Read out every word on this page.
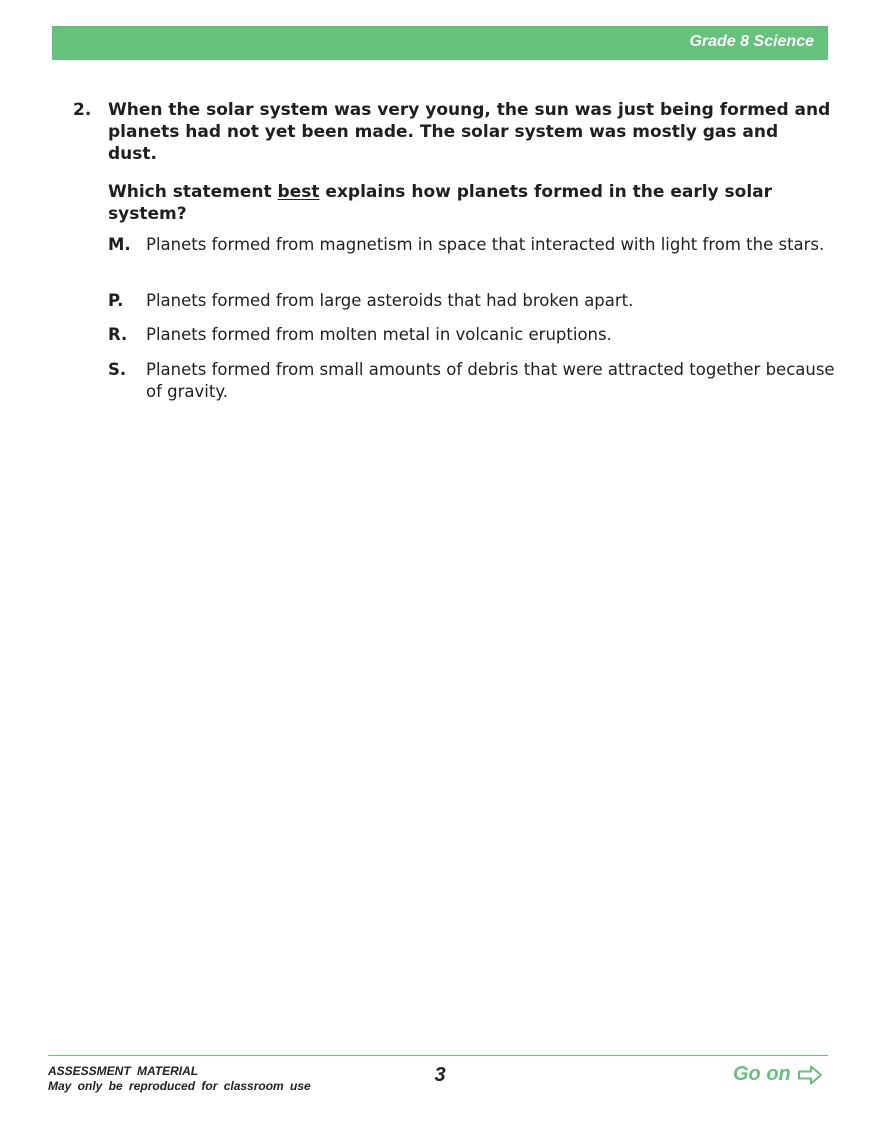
Grade 8 Science
2. When the solar system was very young, the sun was just being formed and planets had not yet been made. The solar system was mostly gas and dust.
Which statement best explains how planets formed in the early solar system?
M. Planets formed from magnetism in space that interacted with light from the stars.
P. Planets formed from large asteroids that had broken apart.
R. Planets formed from molten metal in volcanic eruptions.
S. Planets formed from small amounts of debris that were attracted together because of gravity.
ASSESSMENT MATERIAL
May only be reproduced for classroom use	3	Go on
